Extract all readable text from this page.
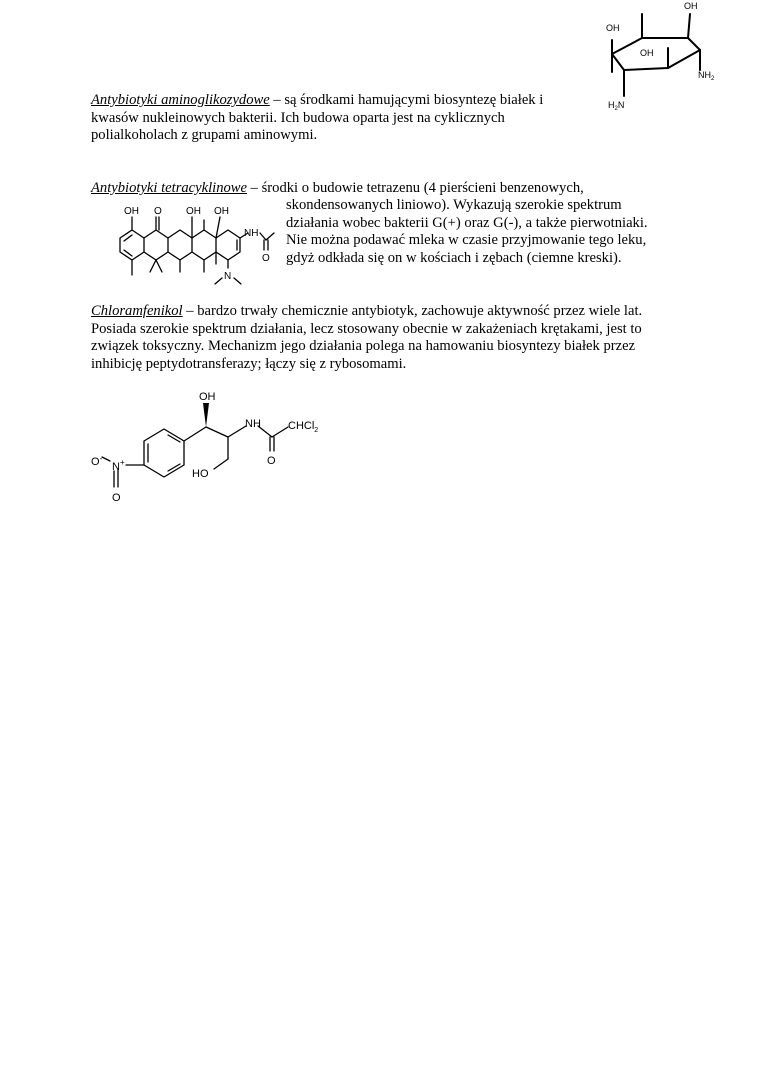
OH
OH
OH
$NH_2$
$H_2N$
Antybiotyki aminoglikozydowe – są środkami hamującymi biosyntezę białek i
kwasów nukleinowych bakterii. Ich budowa oparta jest na cyklicznych
polialkoholach z grupami aminowymi.
Antybiotyki tetracyklinowe – środki o budowie tetrazenu (4 pierścieni benzenowych,
skondensowanych liniowo). Wykazują szerokie spektrum
działania wobec bakterii G(+) oraz G(-), a także pierwotniaki.
Nie można podawać mleka w czasie przyjmowanie tego leku,
gdyż odkłada się on w kościach i zębach (ciemne kreski).
OH O OH OH
NH
O
N
Chloramfenikol – bardzo trwały chemicznie antybiotyk, zachowuje aktywność przez wiele lat.
Posiada szerokie spektrum działania, lecz stosowany obecnie w zakażeniach krętakami, jest to
związek toksyczny. Mechanizm jego działania polega na hamowaniu biosyntezy białek przez
inhibicję peptydotransferazy; łączy się z rybosomami.
OH
NH CHCl$_2$
O
HO
O-
N+
O
